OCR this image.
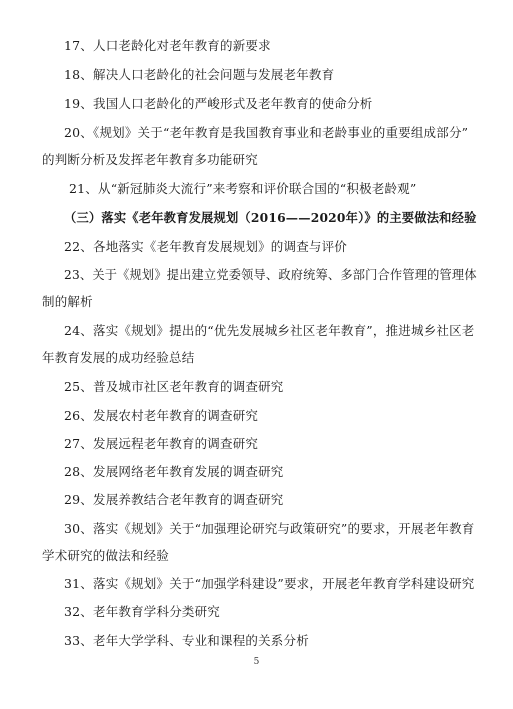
17、人口老龄化对老年教育的新要求
18、解决人口老龄化的社会问题与发展老年教育
19、我国人口老龄化的严峻形式及老年教育的使命分析
20、《规划》关于“老年教育是我国教育事业和老龄事业的重要组成部分”
的判断分析及发挥老年教育多功能研究
21、从“新冠肺炎大流行”来考察和评价联合国的“积极老龄观”
（三）落实《老年教育发展规划（2016——2020年）》的主要做法和经验
22、各地落实《老年教育发展规划》的调查与评价
23、关于《规划》提出建立党委领导、政府统筹、多部门合作管理的管理体
制的解析
24、落实《规划》提出的“优先发展城乡社区老年教育”，推进城乡社区老
年教育发展的成功经验总结
25、普及城市社区老年教育的调查研究
26、发展农村老年教育的调查研究
27、发展远程老年教育的调查研究
28、发展网络老年教育发展的调查研究
29、发展养教结合老年教育的调查研究
30、落实《规划》关于“加强理论研究与政策研究”的要求，开展老年教育
学术研究的做法和经验
31、落实《规划》关于“加强学科建设”要求，开展老年教育学科建设研究
32、老年教育学科分类研究
33、老年大学学科、专业和课程的关系分析
5
